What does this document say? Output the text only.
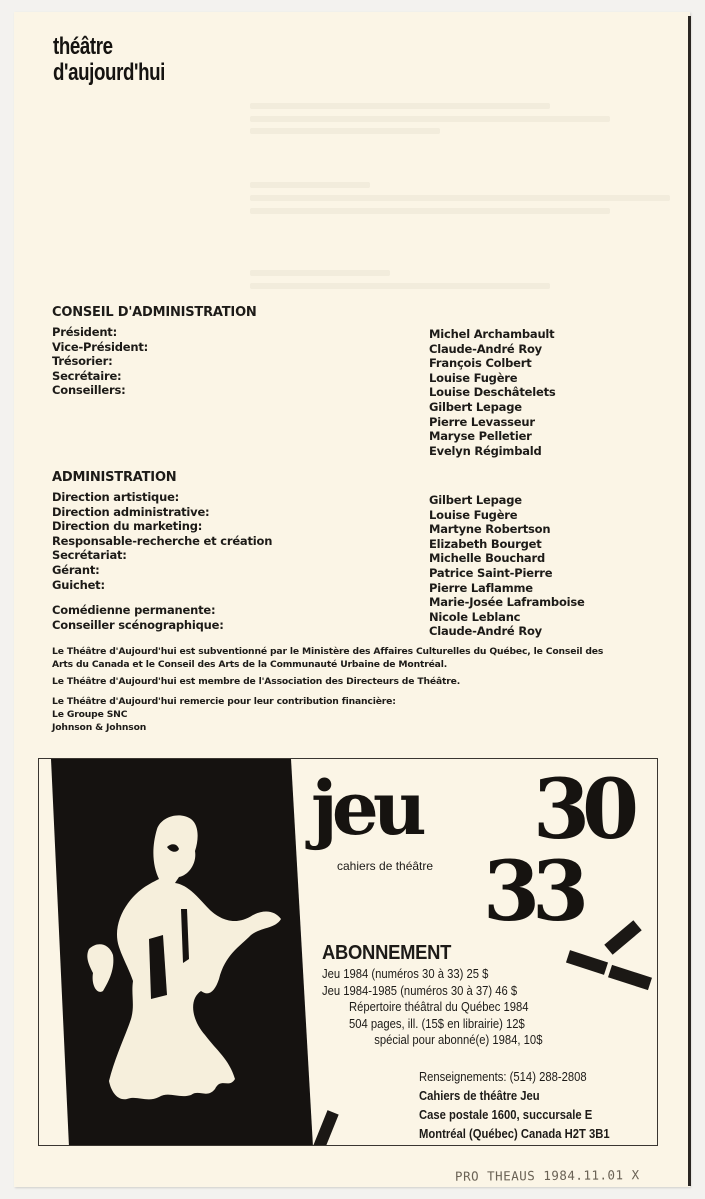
théâtre
d'aujourd'hui
CONSEIL D'ADMINISTRATION
Président:
Vice-Président:
Trésorier:
Secrétaire:
Conseillers:
Michel Archambault
Claude-André Roy
François Colbert
Louise Fugère
Louise Deschâtelets
Gilbert Lepage
Pierre Levasseur
Maryse Pelletier
Evelyn Régimbald
ADMINISTRATION
Direction artistique:
Direction administrative:
Direction du marketing:
Responsable-recherche et création
Secrétariat:
Gérant:
Guichet:
Comédienne permanente:
Conseiller scénographique:
Gilbert Lepage
Louise Fugère
Martyne Robertson
Elizabeth Bourget
Michelle Bouchard
Patrice Saint-Pierre
Pierre Laflamme
Marie-Josée Laframboise
Nicole Leblanc
Claude-André Roy
Le Théâtre d'Aujourd'hui est subventionné par le Ministère des Affaires Culturelles du Québec, le Conseil des
Arts du Canada et le Conseil des Arts de la Communauté Urbaine de Montréal.
Le Théâtre d'Aujourd'hui est membre de l'Association des Directeurs de Théâtre.
Le Théâtre d'Aujourd'hui remercie pour leur contribution financière:
Le Groupe SNC
Johnson & Johnson
jeu
cahiers de théâtre
30
33
ABONNEMENT
Jeu 1984 (numéros 30 à 33) 25 $
Jeu 1984-1985 (numéros 30 à 37) 46 $
Répertoire théâtral du Québec 1984
504 pages, ill. (15$ en librairie) 12$
spécial pour abonné(e) 1984, 10$
Renseignements: (514) 288-2808
Cahiers de théâtre Jeu
Case postale 1600, succursale E
Montréal (Québec) Canada H2T 3B1
PRO THEAUS 1984.11.01 X
